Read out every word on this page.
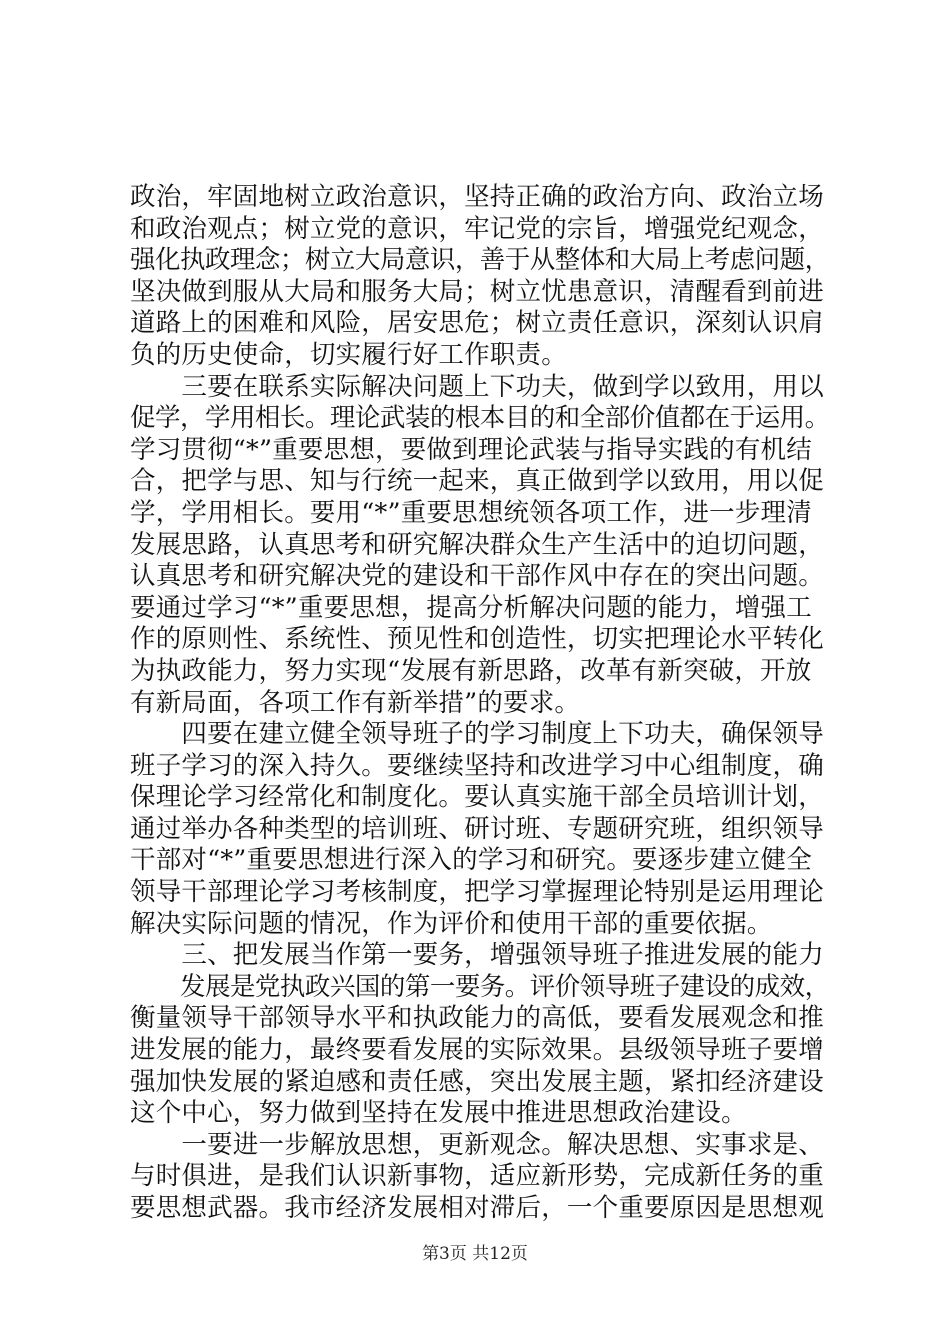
政治，牢固地树立政治意识，坚持正确的政治方向、政治立场
和政治观点；树立党的意识，牢记党的宗旨，增强党纪观念，
强化执政理念；树立大局意识，善于从整体和大局上考虑问题，
坚决做到服从大局和服务大局；树立忧患意识，清醒看到前进
道路上的困难和风险，居安思危；树立责任意识，深刻认识肩
负的历史使命，切实履行好工作职责。
　　三要在联系实际解决问题上下功夫，做到学以致用，用以
促学，学用相长。理论武装的根本目的和全部价值都在于运用。
学习贯彻“*”重要思想，要做到理论武装与指导实践的有机结
合，把学与思、知与行统一起来，真正做到学以致用，用以促
学，学用相长。要用“*”重要思想统领各项工作，进一步理清
发展思路，认真思考和研究解决群众生产生活中的迫切问题，
认真思考和研究解决党的建设和干部作风中存在的突出问题。
要通过学习“*”重要思想，提高分析解决问题的能力，增强工
作的原则性、系统性、预见性和创造性，切实把理论水平转化
为执政能力，努力实现“发展有新思路，改革有新突破，开放
有新局面，各项工作有新举措”的要求。
　　四要在建立健全领导班子的学习制度上下功夫，确保领导
班子学习的深入持久。要继续坚持和改进学习中心组制度，确
保理论学习经常化和制度化。要认真实施干部全员培训计划，
通过举办各种类型的培训班、研讨班、专题研究班，组织领导
干部对“*”重要思想进行深入的学习和研究。要逐步建立健全
领导干部理论学习考核制度，把学习掌握理论特别是运用理论
解决实际问题的情况，作为评价和使用干部的重要依据。
　　三、把发展当作第一要务，增强领导班子推进发展的能力
　　发展是党执政兴国的第一要务。评价领导班子建设的成效，
衡量领导干部领导水平和执政能力的高低，要看发展观念和推
进发展的能力，最终要看发展的实际效果。县级领导班子要增
强加快发展的紧迫感和责任感，突出发展主题，紧扣经济建设
这个中心，努力做到坚持在发展中推进思想政治建设。
　　一要进一步解放思想，更新观念。解决思想、实事求是、
与时俱进，是我们认识新事物，适应新形势，完成新任务的重
要思想武器。我市经济发展相对滞后，一个重要原因是思想观
第3页 共12页
